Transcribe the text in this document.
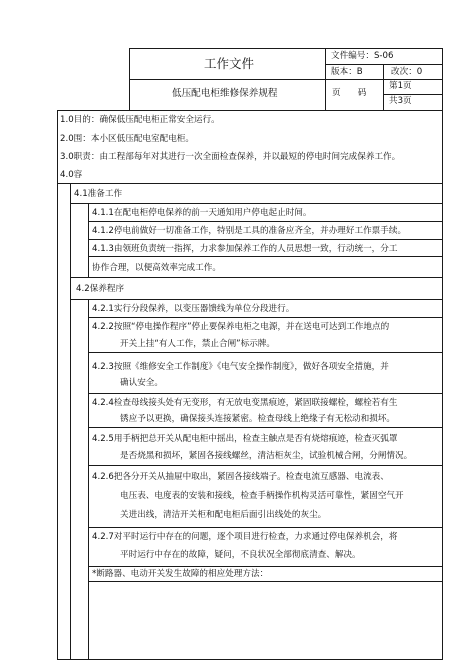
工作文件
低压配电柜维修保养规程
文件编号：S-06
版本：B	改次：0
页　　码
第1页
共3页
1.0目的：确保低压配电柜正常安全运行。
2.0围：本小区低压配电室配电柜。
3.0职责：由工程部每年对其进行一次全面检查保养，并以最短的停电时间完成保养工作。
4.0容
4.1准备工作
4.1.1在配电柜停电保养的前一天通知用户停电起止时间。
4.1.2停电前做好一切准备工作，特别是工具的准备应齐全，并办理好工作票手续。
4.1.3由领班负责统一指挥，力求参加保养工作的人员思想一致，行动统一，分工
协作合理，以便高效率完成工作。
4.2保养程序
4.2.1实行分段保养，以变压器馈线为单位分段进行。
4.2.2按照“停电操作程序”停止要保养电柜之电源，并在送电可达到工作地点的
开关上挂“有人工作，禁止合闸”标示牌。
4.2.3按照《维修安全工作制度》《电气安全操作制度》，做好各项安全措施，并
确认安全。
4.2.4检查母线接头处有无变形，有无放电变黑痕迹，紧固联接螺栓，螺栓若有生
锈应予以更换，确保接头连接紧密。检查母线上绝缘子有无松动和损坏。
4.2.5用手柄把总开关从配电柜中摇出，检查主触点是否有烧熔痕迹，检查灭弧罩
是否烧黑和损坏，紧固各接线螺丝，清洁柜灰尘，试验机械合闸，分闸情况。
4.2.6把各分开关从抽屉中取出，紧固各接线端子。检查电流互感器、电流表、
电压表、电度表的安装和接线，检查手柄操作机构灵活可靠性，紧固空气开
关进出线，清洁开关柜和配电柜后面引出线处的灰尘。
4.2.7对平时运行中存在的问题，逐个项目进行检查，力求通过停电保养机会，将
平时运行中存在的故障，疑问，不良状况全部彻底清查、解决。
*断路器、电动开关发生故障的相应处理方法：
